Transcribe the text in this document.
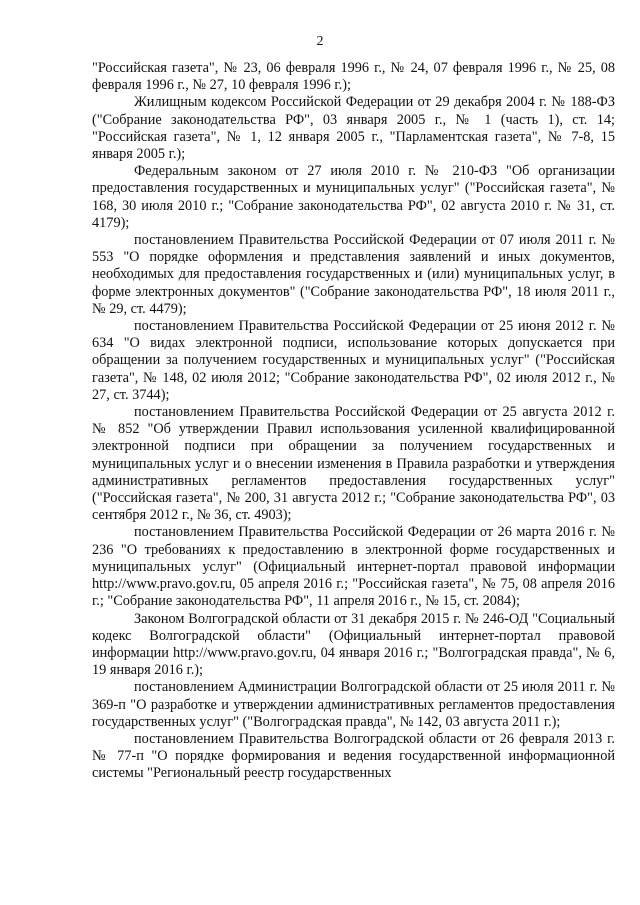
2

"Российская газета", № 23, 06 февраля 1996 г., № 24, 07 февраля 1996 г., № 25, 08 февраля 1996 г., № 27, 10 февраля 1996 г.);

Жилищным кодексом Российской Федерации от 29 декабря 2004 г. № 188-ФЗ ("Собрание законодательства РФ", 03 января 2005 г., № 1 (часть 1), ст. 14; "Российская газета", № 1, 12 января 2005 г., "Парламентская газета", № 7-8, 15 января 2005 г.);

Федеральным законом от 27 июля 2010 г. № 210-ФЗ "Об организации предоставления государственных и муниципальных услуг" ("Российская газета", № 168, 30 июля 2010 г.; "Собрание законодательства РФ", 02 августа 2010 г. № 31, ст. 4179);

постановлением Правительства Российской Федерации от 07 июля 2011 г. № 553 "О порядке оформления и представления заявлений и иных документов, необходимых для предоставления государственных и (или) муниципальных услуг, в форме электронных документов" ("Собрание законодательства РФ", 18 июля 2011 г., № 29, ст. 4479);

постановлением Правительства Российской Федерации от 25 июня 2012 г. № 634 "О видах электронной подписи, использование которых допускается при обращении за получением государственных и муниципальных услуг" ("Российская газета", № 148, 02 июля 2012; "Собрание законодательства РФ", 02 июля 2012 г., № 27, ст. 3744);

постановлением Правительства Российской Федерации от 25 августа 2012 г. № 852 "Об утверждении Правил использования усиленной квалифицированной электронной подписи при обращении за получением государственных и муниципальных услуг и о внесении изменения в Правила разработки и утверждения административных регламентов предоставления государственных услуг" ("Российская газета", № 200, 31 августа 2012 г.; "Собрание законодательства РФ", 03 сентября 2012 г., № 36, ст. 4903);

постановлением Правительства Российской Федерации от 26 марта 2016 г. № 236 "О требованиях к предоставлению в электронной форме государственных и муниципальных услуг" (Официальный интернет-портал правовой информации http://www.pravo.gov.ru, 05 апреля 2016 г.; "Российская газета", № 75, 08 апреля 2016 г.; "Собрание законодательства РФ", 11 апреля 2016 г., № 15, ст. 2084);

Законом Волгоградской области от 31 декабря 2015 г. № 246-ОД "Социальный кодекс Волгоградской области" (Официальный интернет-портал правовой информации http://www.pravo.gov.ru, 04 января 2016 г.; "Волгоградская правда", № 6, 19 января 2016 г.);

постановлением Администрации Волгоградской области от 25 июля 2011 г. № 369-п "О разработке и утверждении административных регламентов предоставления государственных услуг" ("Волгоградская правда", № 142, 03 августа 2011 г.);

постановлением Правительства Волгоградской области от 26 февраля 2013 г. № 77-п "О порядке формирования и ведения государственной информационной системы "Региональный реестр государственных
